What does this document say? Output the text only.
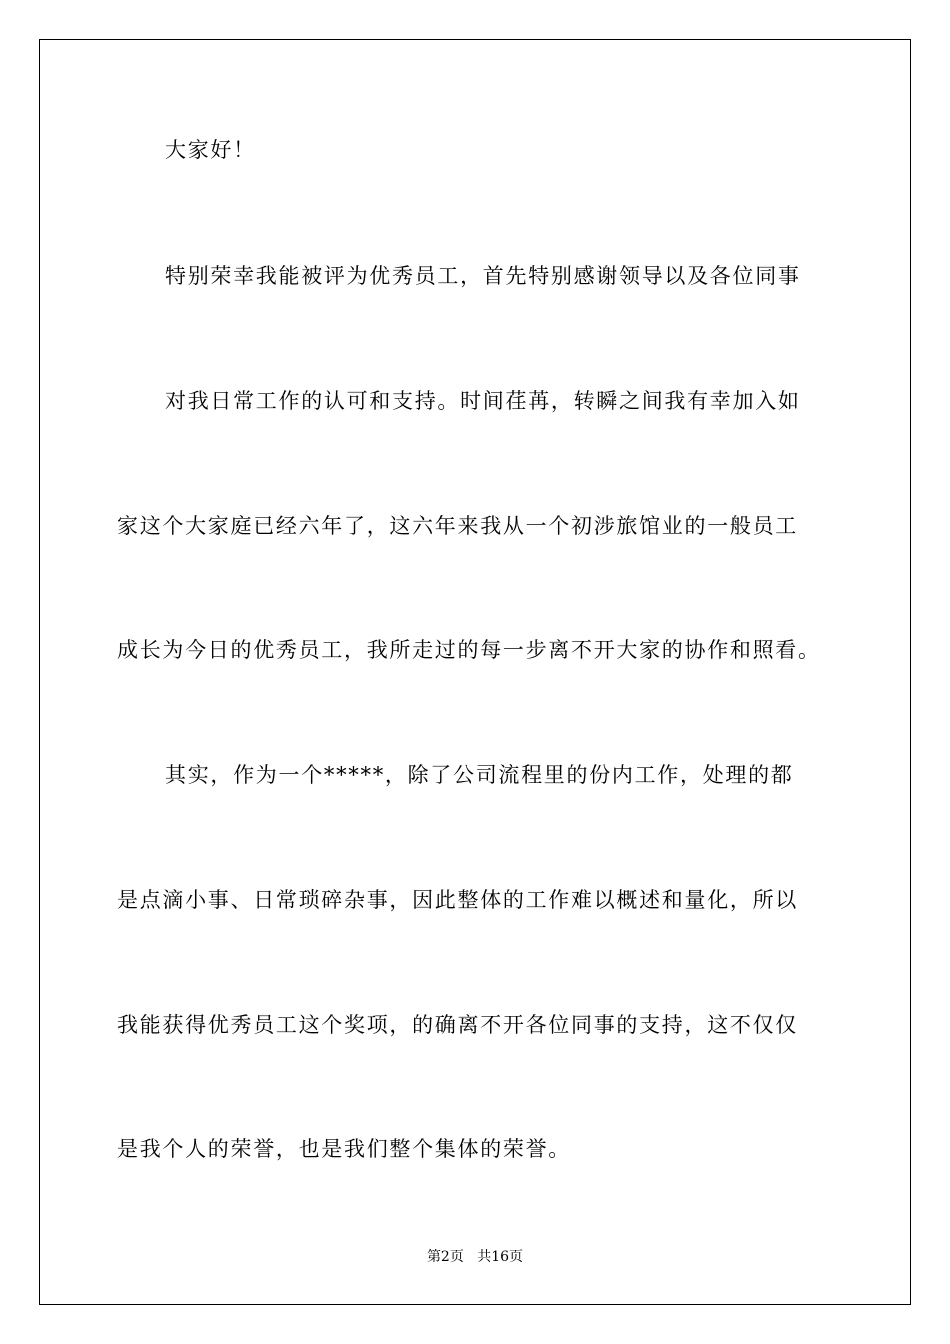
大家好！
特别荣幸我能被评为优秀员工，首先特别感谢领导以及各位同事
对我日常工作的认可和支持。时间荏苒，转瞬之间我有幸加入如
家这个大家庭已经六年了，这六年来我从一个初涉旅馆业的一般员工
成长为今日的优秀员工，我所走过的每一步离不开大家的协作和照看。
其实，作为一个*****，除了公司流程里的份内工作，处理的都
是点滴小事、日常琐碎杂事，因此整体的工作难以概述和量化，所以
我能获得优秀员工这个奖项，的确离不开各位同事的支持，这不仅仅
是我个人的荣誉，也是我们整个集体的荣誉。
第2页 共16页
